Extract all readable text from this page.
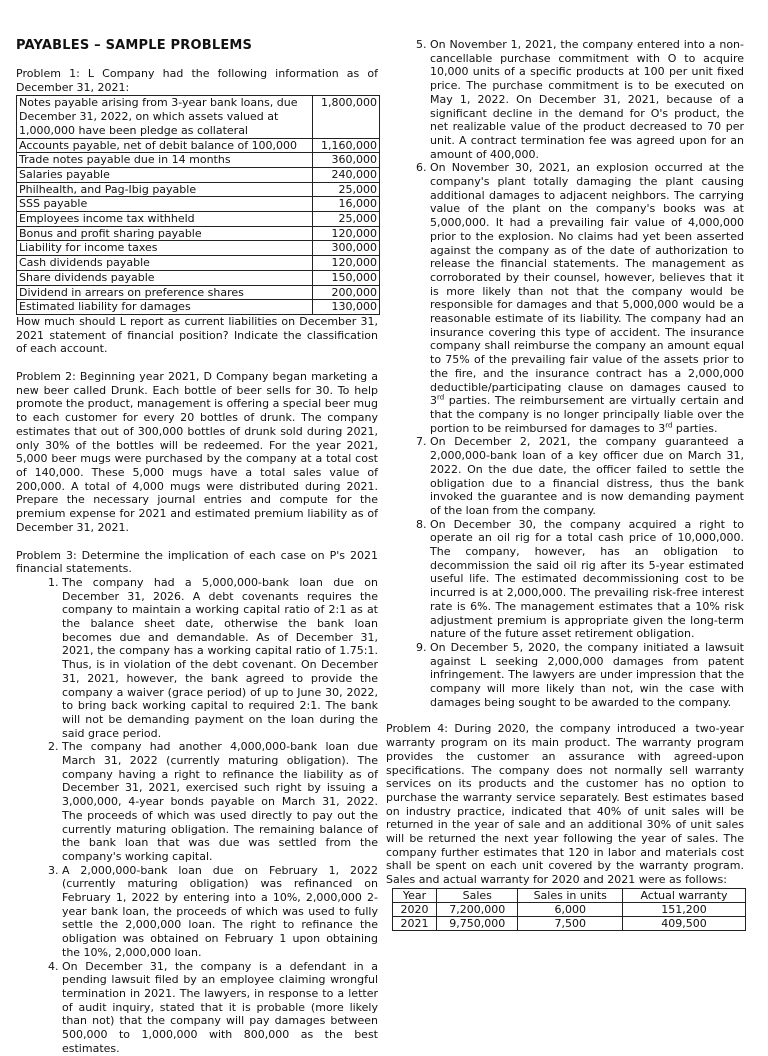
PAYABLES – SAMPLE PROBLEMS

Problem 1: L Company had the following information as of December 31, 2021:

Notes payable arising from 3-year bank loans, due December 31, 2022, on which assets valued at 1,000,000 have been pledge as collateral	1,800,000
Accounts payable, net of debit balance of 100,000	1,160,000
Trade notes payable due in 14 months	360,000
Salaries payable	240,000
Philhealth, and Pag-Ibig payable	25,000
SSS payable	16,000
Employees income tax withheld	25,000
Bonus and profit sharing payable	120,000
Liability for income taxes	300,000
Cash dividends payable	120,000
Share dividends payable	150,000
Dividend in arrears on preference shares	200,000
Estimated liability for damages	130,000

How much should L report as current liabilities on December 31, 2021 statement of financial position? Indicate the classification of each account.

Problem 2: Beginning year 2021, D Company began marketing a new beer called Drunk. Each bottle of beer sells for 30. To help promote the product, management is offering a special beer mug to each customer for every 20 bottles of drunk. The company estimates that out of 300,000 bottles of drunk sold during 2021, only 30% of the bottles will be redeemed. For the year 2021, 5,000 beer mugs were purchased by the company at a total cost of 140,000. These 5,000 mugs have a total sales value of 200,000. A total of 4,000 mugs were distributed during 2021. Prepare the necessary journal entries and compute for the premium expense for 2021 and estimated premium liability as of December 31, 2021.

Problem 3: Determine the implication of each case on P's 2021 financial statements.

1. The company had a 5,000,000-bank loan due on December 31, 2026. A debt covenants requires the company to maintain a working capital ratio of 2:1 as at the balance sheet date, otherwise the bank loan becomes due and demandable. As of December 31, 2021, the company has a working capital ratio of 1.75:1. Thus, is in violation of the debt covenant. On December 31, 2021, however, the bank agreed to provide the company a waiver (grace period) of up to June 30, 2022, to bring back working capital to required 2:1. The bank will not be demanding payment on the loan during the said grace period.
2. The company had another 4,000,000-bank loan due March 31, 2022 (currently maturing obligation). The company having a right to refinance the liability as of December 31, 2021, exercised such right by issuing a 3,000,000, 4-year bonds payable on March 31, 2022. The proceeds of which was used directly to pay out the currently maturing obligation. The remaining balance of the bank loan that was due was settled from the company's working capital.
3. A 2,000,000-bank loan due on February 1, 2022 (currently maturing obligation) was refinanced on February 1, 2022 by entering into a 10%, 2,000,000 2-year bank loan, the proceeds of which was used to fully settle the 2,000,000 loan. The right to refinance the obligation was obtained on February 1 upon obtaining the 10%, 2,000,000 loan.
4. On December 31, the company is a defendant in a pending lawsuit filed by an employee claiming wrongful termination in 2021. The lawyers, in response to a letter of audit inquiry, stated that it is probable (more likely than not) that the company will pay damages between 500,000 to 1,000,000 with 800,000 as the best estimates.
5. On November 1, 2021, the company entered into a non-cancellable purchase commitment with O to acquire 10,000 units of a specific products at 100 per unit fixed price. The purchase commitment is to be executed on May 1, 2022. On December 31, 2021, because of a significant decline in the demand for O's product, the net realizable value of the product decreased to 70 per unit. A contract termination fee was agreed upon for an amount of 400,000.
6. On November 30, 2021, an explosion occurred at the company's plant totally damaging the plant causing additional damages to adjacent neighbors. The carrying value of the plant on the company's books was at 5,000,000. It had a prevailing fair value of 4,000,000 prior to the explosion. No claims had yet been asserted against the company as of the date of authorization to release the financial statements. The management as corroborated by their counsel, however, believes that it is more likely than not that the company would be responsible for damages and that 5,000,000 would be a reasonable estimate of its liability. The company had an insurance covering this type of accident. The insurance company shall reimburse the company an amount equal to 75% of the prevailing fair value of the assets prior to the fire, and the insurance contract has a 2,000,000 deductible/participating clause on damages caused to 3rd parties. The reimbursement are virtually certain and that the company is no longer principally liable over the portion to be reimbursed for damages to 3rd parties.
7. On December 2, 2021, the company guaranteed a 2,000,000-bank loan of a key officer due on March 31, 2022. On the due date, the officer failed to settle the obligation due to a financial distress, thus the bank invoked the guarantee and is now demanding payment of the loan from the company.
8. On December 30, the company acquired a right to operate an oil rig for a total cash price of 10,000,000. The company, however, has an obligation to decommission the said oil rig after its 5-year estimated useful life. The estimated decommissioning cost to be incurred is at 2,000,000. The prevailing risk-free interest rate is 6%. The management estimates that a 10% risk adjustment premium is appropriate given the long-term nature of the future asset retirement obligation.
9. On December 5, 2020, the company initiated a lawsuit against L seeking 2,000,000 damages from patent infringement. The lawyers are under impression that the company will more likely than not, win the case with damages being sought to be awarded to the company.

Problem 4: During 2020, the company introduced a two-year warranty program on its main product. The warranty program provides the customer an assurance with agreed-upon specifications. The company does not normally sell warranty services on its products and the customer has no option to purchase the warranty service separately. Best estimates based on industry practice, indicated that 40% of unit sales will be returned in the year of sale and an additional 30% of unit sales will be returned the next year following the year of sales. The company further estimates that 120 in labor and materials cost shall be spent on each unit covered by the warranty program. Sales and actual warranty for 2020 and 2021 were as follows:

Year	Sales	Sales in units	Actual warranty
2020	7,200,000	6,000	151,200
2021	9,750,000	7,500	409,500
